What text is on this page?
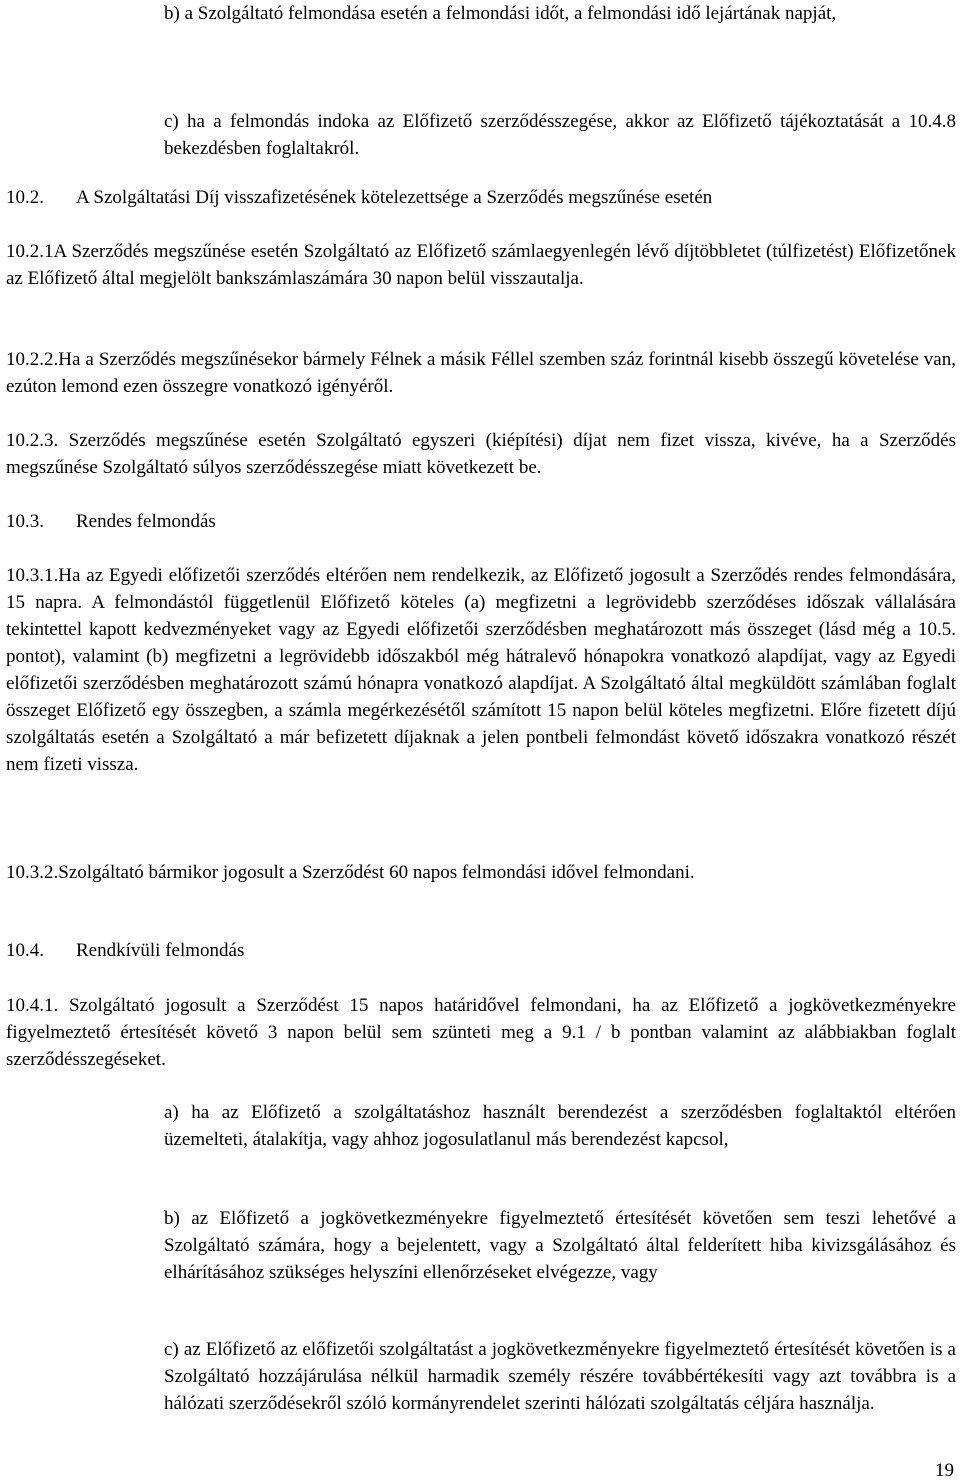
b) a Szolgáltató felmondása esetén a felmondási időt, a felmondási idő lejártának napját,

c) ha a felmondás indoka az Előfizető szerződésszegése, akkor az Előfizető tájékoztatását a 10.4.8 bekezdésben foglaltakról.

10.2. A Szolgáltatási Díj visszafizetésének kötelezettsége a Szerződés megszűnése esetén

10.2.1A Szerződés megszűnése esetén Szolgáltató az Előfizető számlaegyenlegén lévő díjtöbbletet (túlfizetést) Előfizetőnek az Előfizető által megjelölt bankszámlaszámára 30 napon belül visszautalja.

10.2.2.Ha a Szerződés megszűnésekor bármely Félnek a másik Féllel szemben száz forintnál kisebb összegű követelése van, ezúton lemond ezen összegre vonatkozó igényéről.

10.2.3. Szerződés megszűnése esetén Szolgáltató egyszeri (kiépítési) díjat nem fizet vissza, kivéve, ha a Szerződés megszűnése Szolgáltató súlyos szerződésszegése miatt következett be.

10.3. Rendes felmondás

10.3.1.Ha az Egyedi előfizetői szerződés eltérően nem rendelkezik, az Előfizető jogosult a Szerződés rendes felmondására, 15 napra. A felmondástól függetlenül Előfizető köteles (a) megfizetni a legrövidebb szerződéses időszak vállalására tekintettel kapott kedvezményeket vagy az Egyedi előfizetői szerződésben meghatározott más összeget (lásd még a 10.5. pontot), valamint (b) megfizetni a legrövidebb időszakból még hátralevő hónapokra vonatkozó alapdíjat, vagy az Egyedi előfizetői szerződésben meghatározott számú hónapra vonatkozó alapdíjat. A Szolgáltató által megküldött számlában foglalt összeget Előfizető egy összegben, a számla megérkezésétől számított 15 napon belül köteles megfizetni. Előre fizetett díjú szolgáltatás esetén a Szolgáltató a már befizetett díjaknak a jelen pontbeli felmondást követő időszakra vonatkozó részét nem fizeti vissza.

10.3.2.Szolgáltató bármikor jogosult a Szerződést 60 napos felmondási idővel felmondani.

10.4. Rendkívüli felmondás

10.4.1. Szolgáltató jogosult a Szerződést 15 napos határidővel felmondani, ha az Előfizető a jogkövetkezményekre figyelmeztető értesítését követő 3 napon belül sem szünteti meg a 9.1 / b pontban valamint az alábbiakban foglalt szerződésszegéseket.

a) ha az Előfizető a szolgáltatáshoz használt berendezést a szerződésben foglaltaktól eltérően üzemelteti, átalakítja, vagy ahhoz jogosulatlanul más berendezést kapcsol,

b) az Előfizető a jogkövetkezményekre figyelmeztető értesítését követően sem teszi lehetővé a Szolgáltató számára, hogy a bejelentett, vagy a Szolgáltató által felderített hiba kivizsgálásához és elhárításához szükséges helyszíni ellenőrzéseket elvégezze, vagy

c) az Előfizető az előfizetői szolgáltatást a jogkövetkezményekre figyelmeztető értesítését követően is a Szolgáltató hozzájárulása nélkül harmadik személy részére továbbértékesíti vagy azt továbbra is a hálózati szerződésekről szóló kormányrendelet szerinti hálózati szolgáltatás céljára használja.

19
